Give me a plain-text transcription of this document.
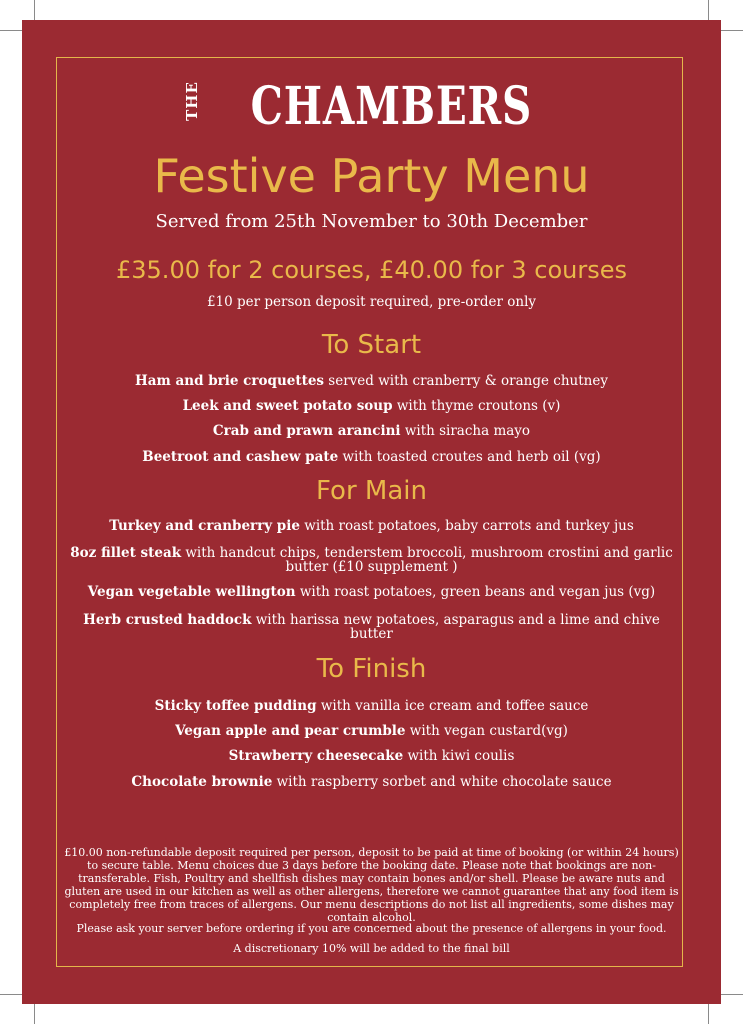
THE CHAMBERS
Festive Party Menu
Served from 25th November to 30th December
£35.00 for 2 courses, £40.00 for 3 courses
£10 per person deposit required, pre-order only
To Start
Ham and brie croquettes served with cranberry & orange chutney
Leek and sweet potato soup with thyme croutons (v)
Crab and prawn arancini with siracha mayo
Beetroot and cashew pate with toasted croutes and herb oil (vg)
For Main
Turkey and cranberry pie with roast potatoes, baby carrots and turkey jus
8oz fillet steak with handcut chips, tenderstem broccoli, mushroom crostini and garlic butter (£10 supplement )
Vegan vegetable wellington with roast potatoes, green beans and vegan jus (vg)
Herb crusted haddock with harissa new potatoes, asparagus and a lime and chive butter
To Finish
Sticky toffee pudding with vanilla ice cream and toffee sauce
Vegan apple and pear crumble with vegan custard(vg)
Strawberry cheesecake with kiwi coulis
Chocolate brownie with raspberry sorbet and white chocolate sauce
£10.00 non-refundable deposit required per person, deposit to be paid at time of booking (or within 24 hours) to secure table. Menu choices due 3 days before the booking date. Please note that bookings are non-transferable. Fish, Poultry and shellfish dishes may contain bones and/or shell. Please be aware nuts and gluten are used in our kitchen as well as other allergens, therefore we cannot guarantee that any food item is completely free from traces of allergens. Our menu descriptions do not list all ingredients, some dishes may contain alcohol.
Please ask your server before ordering if you are concerned about the presence of allergens in your food.
A discretionary 10% will be added to the final bill
